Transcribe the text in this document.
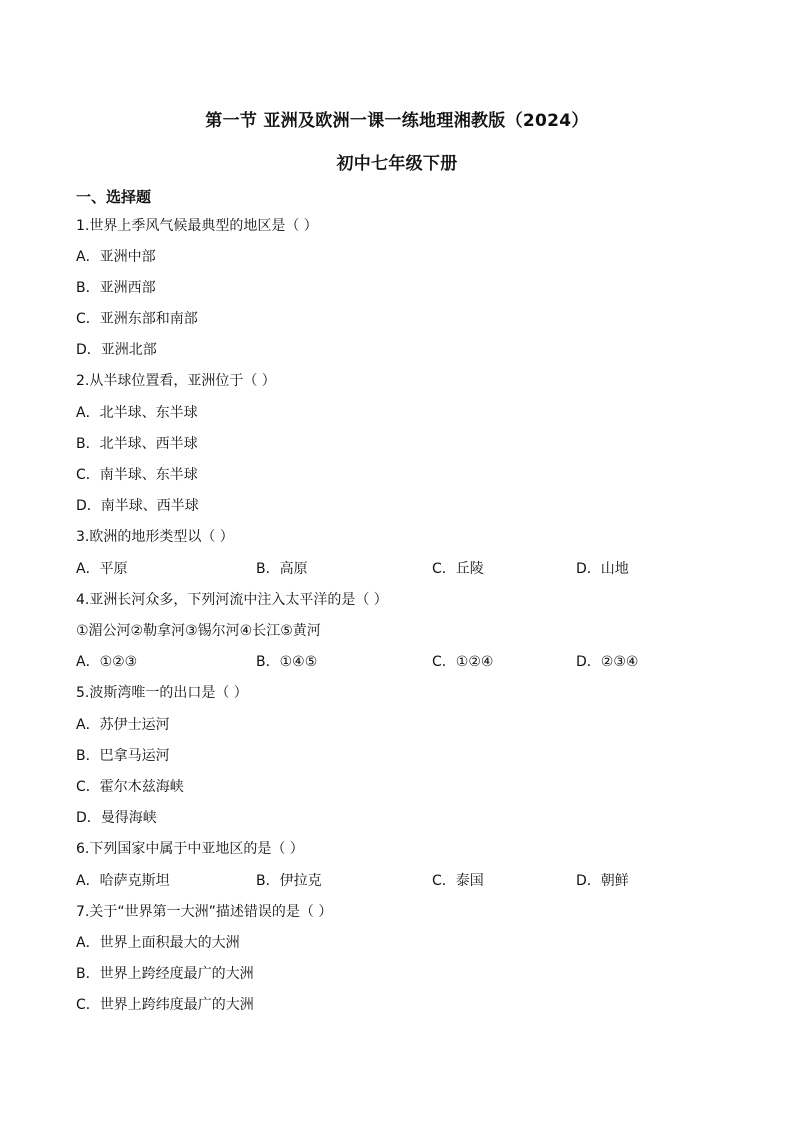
第一节 亚洲及欧洲一课一练地理湘教版（2024）
初中七年级下册
一、选择题
1.世界上季风气候最典型的地区是（ ）
A．亚洲中部
B．亚洲西部
C．亚洲东部和南部
D．亚洲北部
2.从半球位置看，亚洲位于（ ）
A．北半球、东半球
B．北半球、西半球
C．南半球、东半球
D．南半球、西半球
3.欧洲的地形类型以（ ）
A．平原	B．高原	C．丘陵	D．山地
4.亚洲长河众多，下列河流中注入太平洋的是（ ）
①湄公河②勒拿河③锡尔河④长江⑤黄河
A．①②③	B．①④⑤	C．①②④	D．②③④
5.波斯湾唯一的出口是（ ）
A．苏伊士运河
B．巴拿马运河
C．霍尔木兹海峡
D．曼得海峡
6.下列国家中属于中亚地区的是（ ）
A．哈萨克斯坦	B．伊拉克	C．泰国	D．朝鲜
7.关于“世界第一大洲”描述错误的是（ ）
A．世界上面积最大的大洲
B．世界上跨经度最广的大洲
C．世界上跨纬度最广的大洲
